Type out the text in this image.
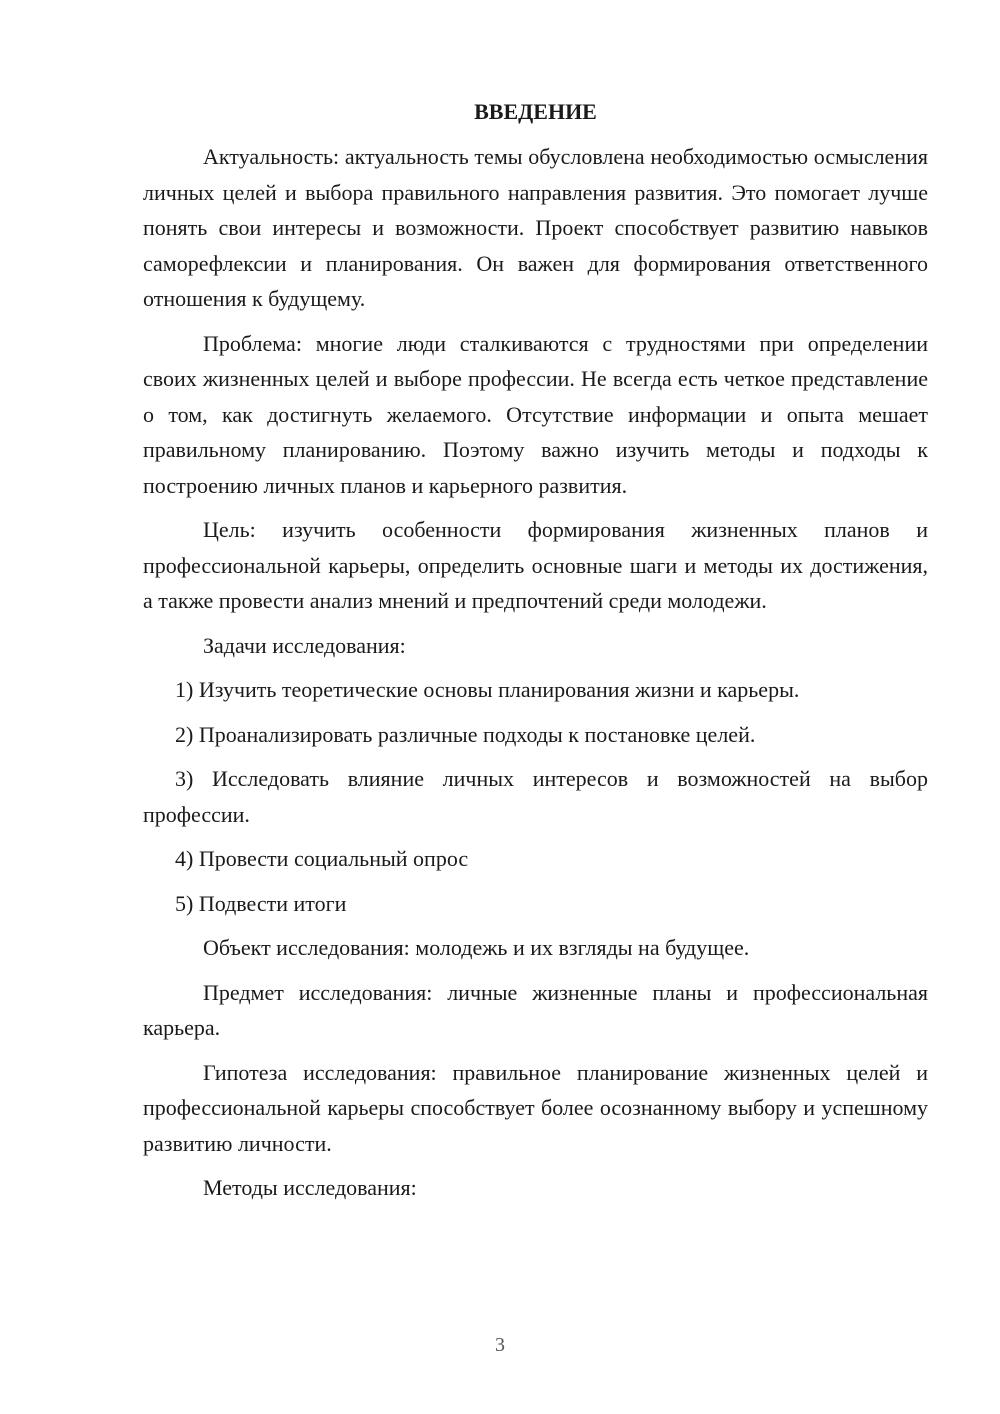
ВВЕДЕНИЕ

Актуальность: актуальность темы обусловлена необходимостью осмысления личных целей и выбора правильного направления развития. Это помогает лучше понять свои интересы и возможности. Проект способствует развитию навыков саморефлексии и планирования. Он важен для формирования ответственного отношения к будущему.

Проблема: многие люди сталкиваются с трудностями при определении своих жизненных целей и выборе профессии. Не всегда есть четкое представление о том, как достигнуть желаемого. Отсутствие информации и опыта мешает правильному планированию. Поэтому важно изучить методы и подходы к построению личных планов и карьерного развития.

Цель: изучить особенности формирования жизненных планов и профессиональной карьеры, определить основные шаги и методы их достижения, а также провести анализ мнений и предпочтений среди молодежи.

Задачи исследования:

1) Изучить теоретические основы планирования жизни и карьеры.

2) Проанализировать различные подходы к постановке целей.

3) Исследовать влияние личных интересов и возможностей на выбор профессии.

4) Провести социальный опрос

5) Подвести итоги

Объект исследования: молодежь и их взгляды на будущее.

Предмет исследования: личные жизненные планы и профессиональная карьера.

Гипотеза исследования: правильное планирование жизненных целей и профессиональной карьеры способствует более осознанному выбору и успешному развитию личности.

Методы исследования:

3
